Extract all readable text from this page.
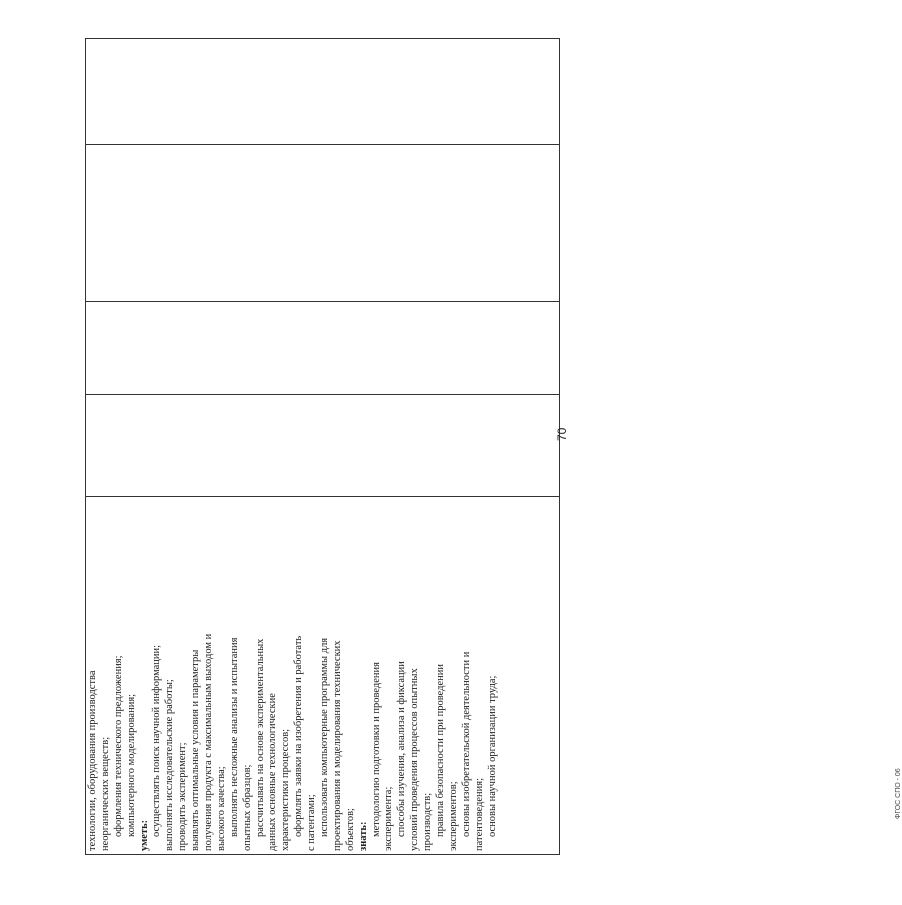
технологии, оборудования производства неорганических веществ; оформления технического предложения; компьютерного моделирования; уметь: осуществлять поиск научной информации; выполнять исследовательские работы; проводить эксперимент; выявлять оптимальные условия и параметры получения продукта с максимальным выходом и высокого качества; выполнять несложные анализы и испытания опытных образцов; рассчитывать на основе экспериментальных данных основные технологические характеристики процессов; оформлять заявки на изобретения и работать с патентами; использовать компьютерные программы для проектирования и моделирования технических объектов; знать: методологию подготовки и проведения эксперимента; способы изучения, анализа и фиксации условий проведения процессов опытных производств; правила безопасности при проведении экспериментов; основы изобретательской деятельности и патентоведения; основы научной организации труда;
70
ФГОС СПО - 06
